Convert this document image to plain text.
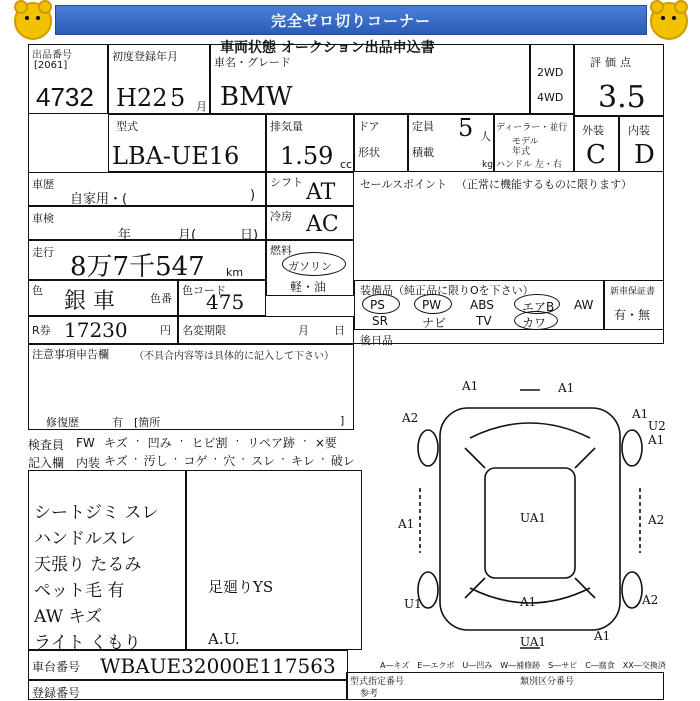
完全ゼロ切りコーナー
車両状態 オークション出品申込書
出品番号
[2061]
4732
初度登録年月
H22 5 月
車名・グレード
BMW
2WD
4WD
評価点
3.5
型式
LBA-UE16
排気量
1.59 cc
ドア
形状
定員 5 人
積載
kg
ディーラー・並行
モデル
年式
ハンドル 左・右
外装 内装
C D
車歴
自家用・(	)
シフト AT セールスポイント （正常に機能するものに限ります）
車検
年	月(	日)
冷房 AC
走行 8万7千547 km
燃料
ガソリン
軽・油
色 銀 車	色番
色コード
475	装備品（純正品に限りOを下さい）
PS	PW ABS エアB AW
SR	ナビ TV	カワ
新車保証書
有・無
R券 17230	円 名変期限	月 日
後日品
注意事項申告欄	（不具合内容等は具体的に記入して下さい）
修復歴	有 [箇所	]
検査員 FW キズ · 凹み · ヒビ割 · リペア跡 · ×要
記入欄 内装 キズ · 汚し · コゲ · 穴 · スレ · キレ · 破レ
シートジミ スレ
ハンドルスレ
天張り たるみ
ペット毛 有
AW キズ
ライト くもり
足廻りYS
A.U.
A1	A1
A2	A1
U2
A1
A1	UA1	A2
U1	A1	A2
UA1	A1
A―キズ　E―エクボ　U―凹み　W―補修跡　S―サビ　C―腐食　XX―交換済
車台番号 WBAUE32000E117563
登録番号
型式指定番号	類別区分番号
参考
